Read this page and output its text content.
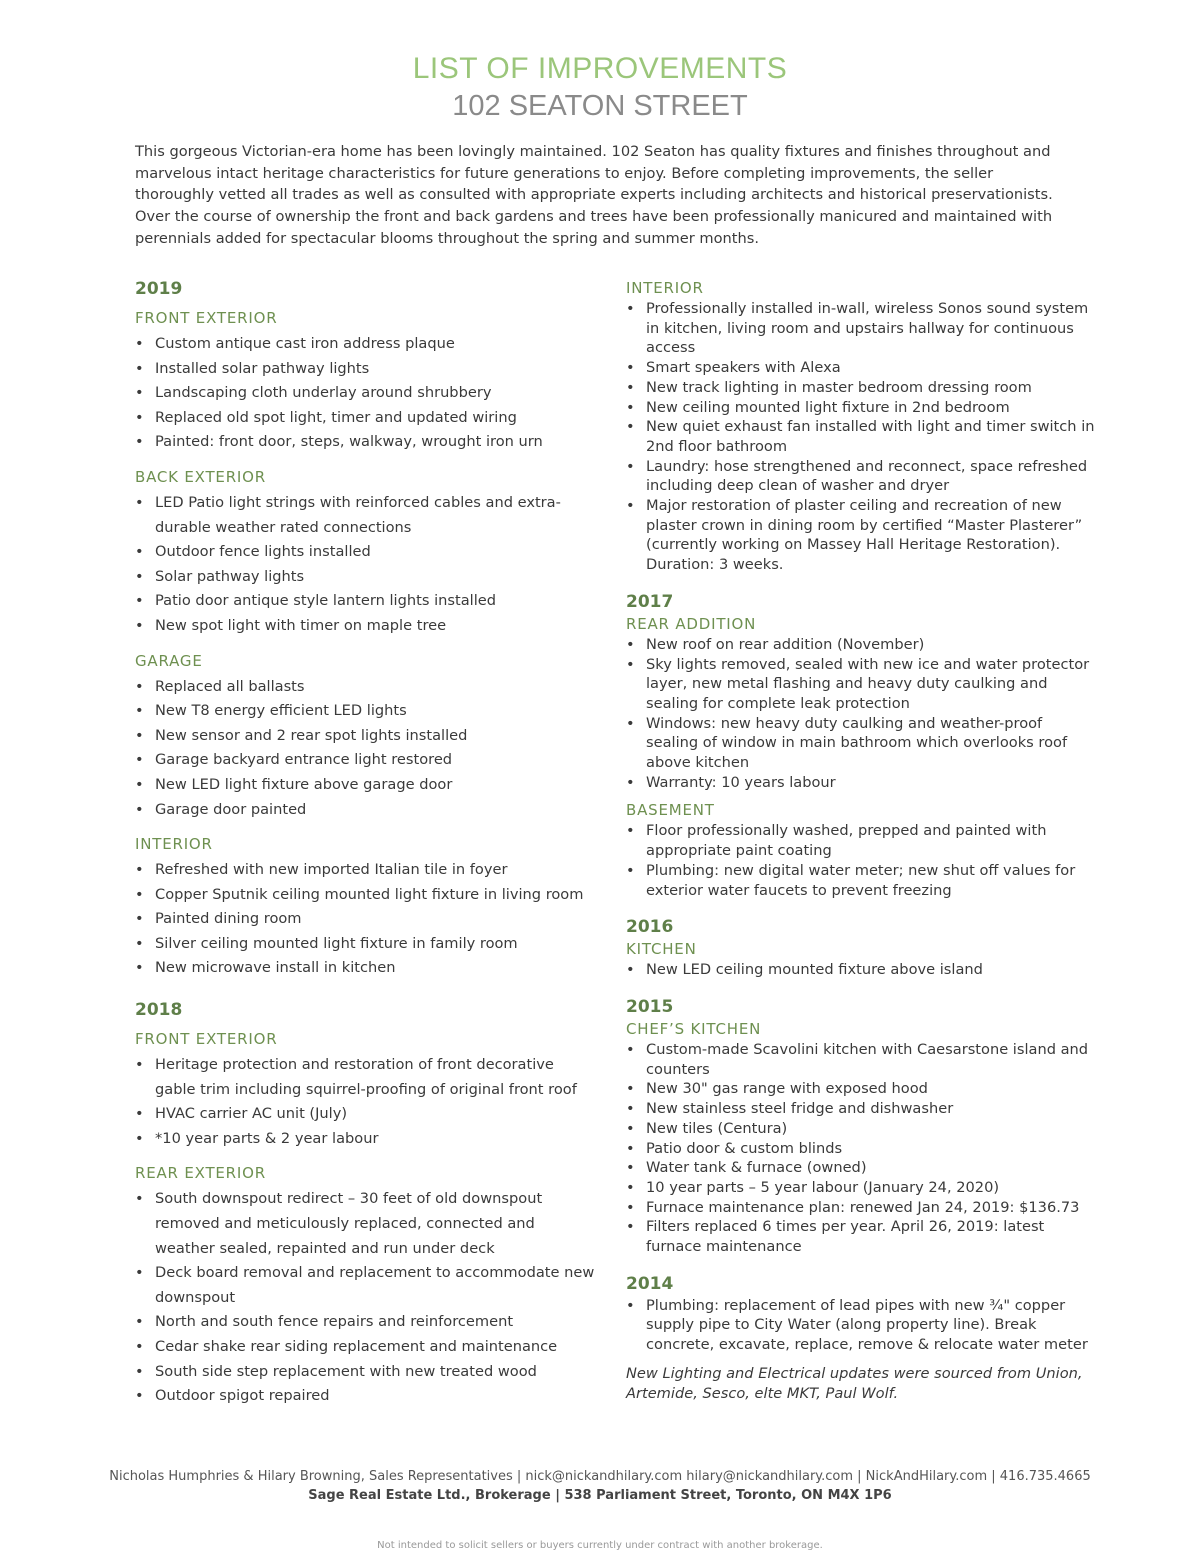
LIST OF IMPROVEMENTS
102 SEATON STREET
This gorgeous Victorian-era home has been lovingly maintained. 102 Seaton has quality fixtures and finishes throughout and marvelous intact heritage characteristics for future generations to enjoy. Before completing improvements, the seller thoroughly vetted all trades as well as consulted with appropriate experts including architects and historical preservationists. Over the course of ownership the front and back gardens and trees have been professionally manicured and maintained with perennials added for spectacular blooms throughout the spring and summer months.
2019
FRONT EXTERIOR
• Custom antique cast iron address plaque
• Installed solar pathway lights
• Landscaping cloth underlay around shrubbery
• Replaced old spot light, timer and updated wiring
• Painted: front door, steps, walkway, wrought iron urn
BACK EXTERIOR
• LED Patio light strings with reinforced cables and extra-durable weather rated connections
• Outdoor fence lights installed
• Solar pathway lights
• Patio door antique style lantern lights installed
• New spot light with timer on maple tree
GARAGE
• Replaced all ballasts
• New T8 energy efficient LED lights
• New sensor and 2 rear spot lights installed
• Garage backyard entrance light restored
• New LED light fixture above garage door
• Garage door painted
INTERIOR
• Refreshed with new imported Italian tile in foyer
• Copper Sputnik ceiling mounted light fixture in living room
• Painted dining room
• Silver ceiling mounted light fixture in family room
• New microwave install in kitchen
2018
FRONT EXTERIOR
• Heritage protection and restoration of front decorative gable trim including squirrel-proofing of original front roof
• HVAC carrier AC unit (July)
• *10 year parts & 2 year labour
REAR EXTERIOR
• South downspout redirect – 30 feet of old downspout removed and meticulously replaced, connected and weather sealed, repainted and run under deck
• Deck board removal and replacement to accommodate new downspout
• North and south fence repairs and reinforcement
• Cedar shake rear siding replacement and maintenance
• South side step replacement with new treated wood
• Outdoor spigot repaired
INTERIOR
• Professionally installed in-wall, wireless Sonos sound system in kitchen, living room and upstairs hallway for continuous access
• Smart speakers with Alexa
• New track lighting in master bedroom dressing room
• New ceiling mounted light fixture in 2nd bedroom
• New quiet exhaust fan installed with light and timer switch in 2nd floor bathroom
• Laundry: hose strengthened and reconnect, space refreshed including deep clean of washer and dryer
• Major restoration of plaster ceiling and recreation of new plaster crown in dining room by certified “Master Plasterer” (currently working on Massey Hall Heritage Restoration). Duration: 3 weeks.
2017
REAR ADDITION
• New roof on rear addition (November)
• Sky lights removed, sealed with new ice and water protector layer, new metal flashing and heavy duty caulking and sealing for complete leak protection
• Windows: new heavy duty caulking and weather-proof sealing of window in main bathroom which overlooks roof above kitchen
• Warranty: 10 years labour
BASEMENT
• Floor professionally washed, prepped and painted with appropriate paint coating
• Plumbing: new digital water meter; new shut off values for exterior water faucets to prevent freezing
2016
KITCHEN
• New LED ceiling mounted fixture above island
2015
CHEF’S KITCHEN
• Custom-made Scavolini kitchen with Caesarstone island and counters
• New 30" gas range with exposed hood
• New stainless steel fridge and dishwasher
• New tiles (Centura)
• Patio door & custom blinds
• Water tank & furnace (owned)
• 10 year parts – 5 year labour (January 24, 2020)
• Furnace maintenance plan: renewed Jan 24, 2019: $136.73
• Filters replaced 6 times per year. April 26, 2019: latest furnace maintenance
2014
• Plumbing: replacement of lead pipes with new ¾" copper supply pipe to City Water (along property line). Break concrete, excavate, replace, remove & relocate water meter
New Lighting and Electrical updates were sourced from Union, Artemide, Sesco, elte MKT, Paul Wolf.
Nicholas Humphries & Hilary Browning, Sales Representatives | nick@nickandhilary.com hilary@nickandhilary.com | NickAndHilary.com | 416.735.4665
Sage Real Estate Ltd., Brokerage | 538 Parliament Street, Toronto, ON M4X 1P6
Not intended to solicit sellers or buyers currently under contract with another brokerage.
